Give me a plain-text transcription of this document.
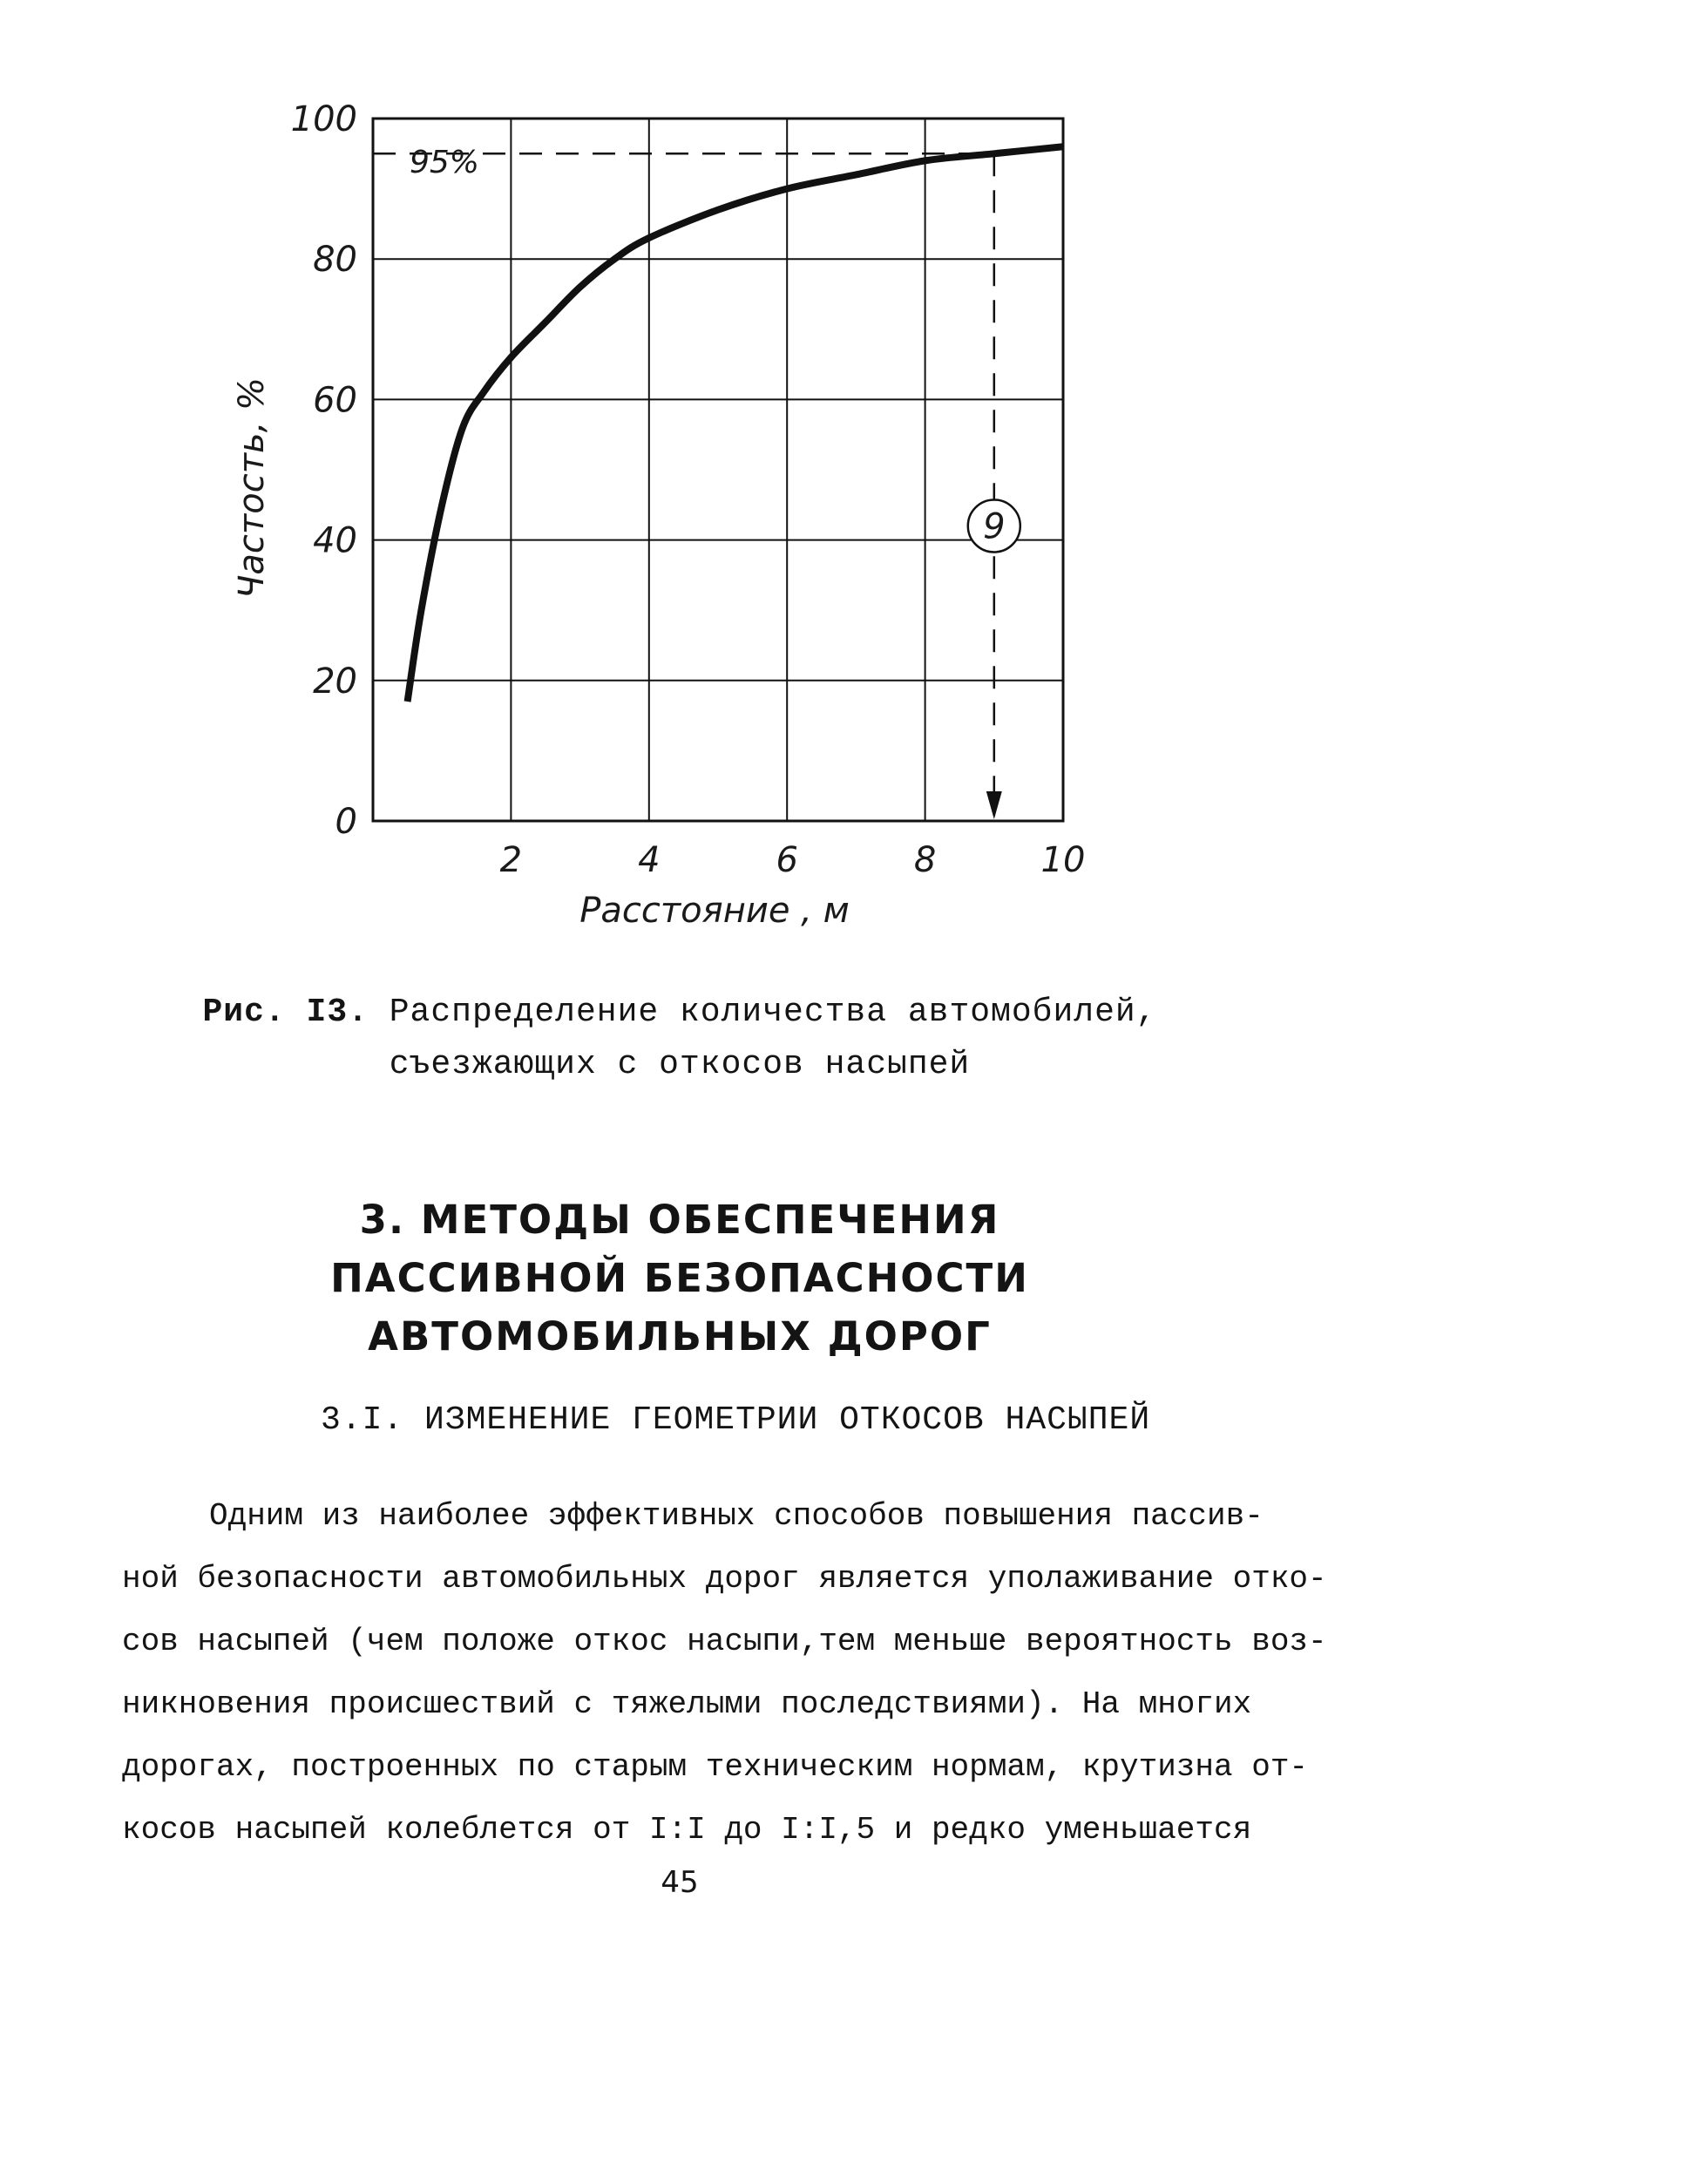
2	4	6	8	10
0
20
40
60
80
100
95%
9
Расстояние , м
Частость, %
Рис. I3. Распределение количества автомобилей,
съезжающих с откосов насыпей
3. МЕТОДЫ ОБЕСПЕЧЕНИЯ
ПАССИВНОЙ БЕЗОПАСНОСТИ
АВТОМОБИЛЬНЫХ ДОРОГ
3.I. ИЗМЕНЕНИЕ ГЕОМЕТРИИ ОТКОСОВ НАСЫПЕЙ
Одним из наиболее эффективных способов повышения пассив-
ной безопасности автомобильных дорог является уполаживание отко-
сов насыпей (чем положе откос насыпи,тем меньше вероятность воз-
никновения происшествий с тяжелыми последствиями). На многих
дорогах, построенных по старым техническим нормам, крутизна от-
косов насыпей колеблется от I:I до I:I,5 и редко уменьшается
45
